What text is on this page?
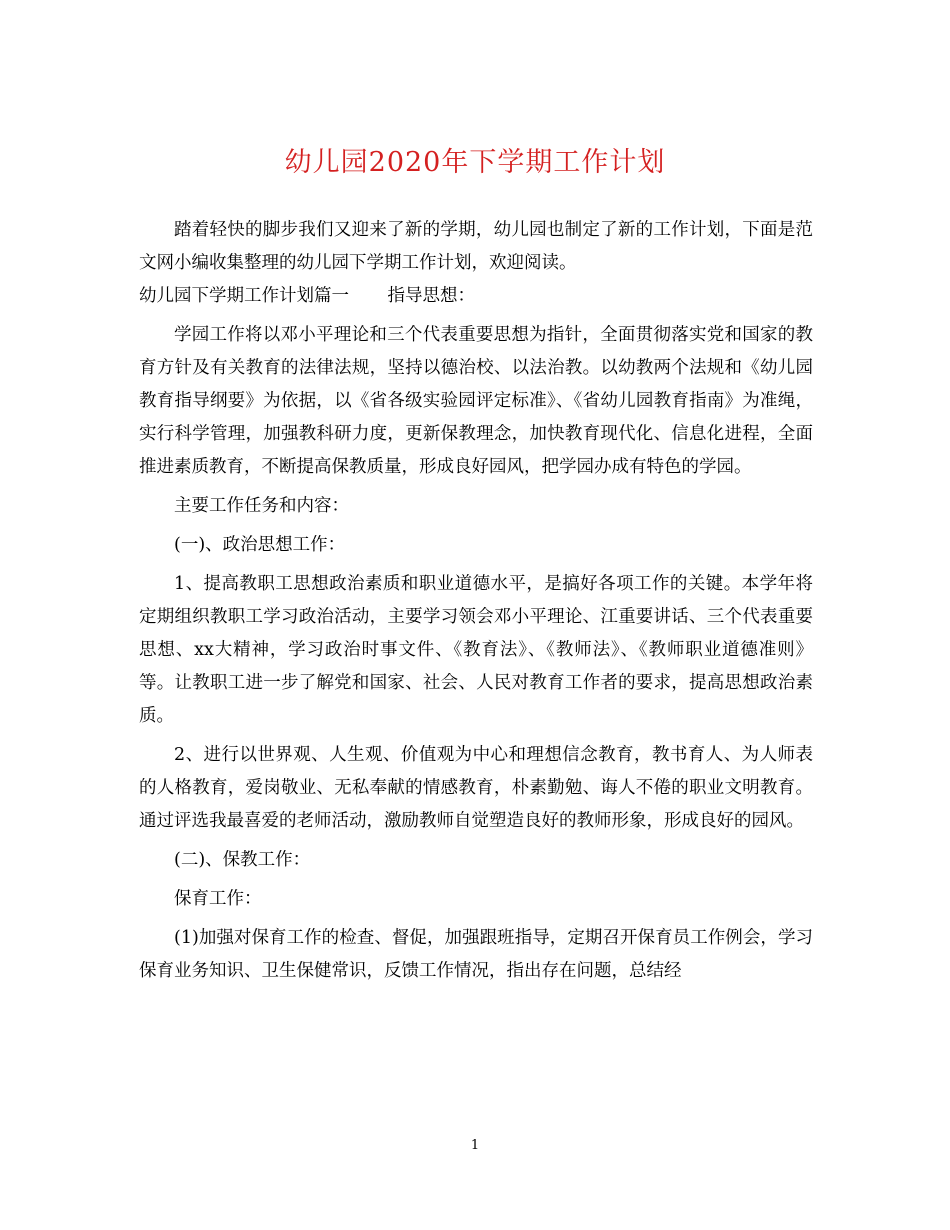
幼儿园2020年下学期工作计划

踏着轻快的脚步我们又迎来了新的学期，幼儿园也制定了新的工作计划，下面是范文网小编收集整理的幼儿园下学期工作计划，欢迎阅读。

幼儿园下学期工作计划篇一 指导思想：

学园工作将以邓小平理论和三个代表重要思想为指针，全面贯彻落实党和国家的教育方针及有关教育的法律法规，坚持以德治校、以法治教。以幼教两个法规和《幼儿园教育指导纲要》为依据，以《省各级实验园评定标准》、《省幼儿园教育指南》为准绳，实行科学管理，加强教科研力度，更新保教理念，加快教育现代化、信息化进程，全面推进素质教育，不断提高保教质量，形成良好园风，把学园办成有特色的学园。

主要工作任务和内容：

(一)、政治思想工作：

1、提高教职工思想政治素质和职业道德水平，是搞好各项工作的关键。本学年将定期组织教职工学习政治活动，主要学习领会邓小平理论、江重要讲话、三个代表重要思想、xx大精神，学习政治时事文件、《教育法》、《教师法》、《教师职业道德准则》等。让教职工进一步了解党和国家、社会、人民对教育工作者的要求，提高思想政治素质。

2、进行以世界观、人生观、价值观为中心和理想信念教育，教书育人、为人师表的人格教育，爱岗敬业、无私奉献的情感教育，朴素勤勉、诲人不倦的职业文明教育。通过评选我最喜爱的老师活动，激励教师自觉塑造良好的教师形象，形成良好的园风。

(二)、保教工作：

保育工作：

(1)加强对保育工作的检查、督促，加强跟班指导，定期召开保育员工作例会，学习保育业务知识、卫生保健常识，反馈工作情况，指出存在问题，总结经

1
